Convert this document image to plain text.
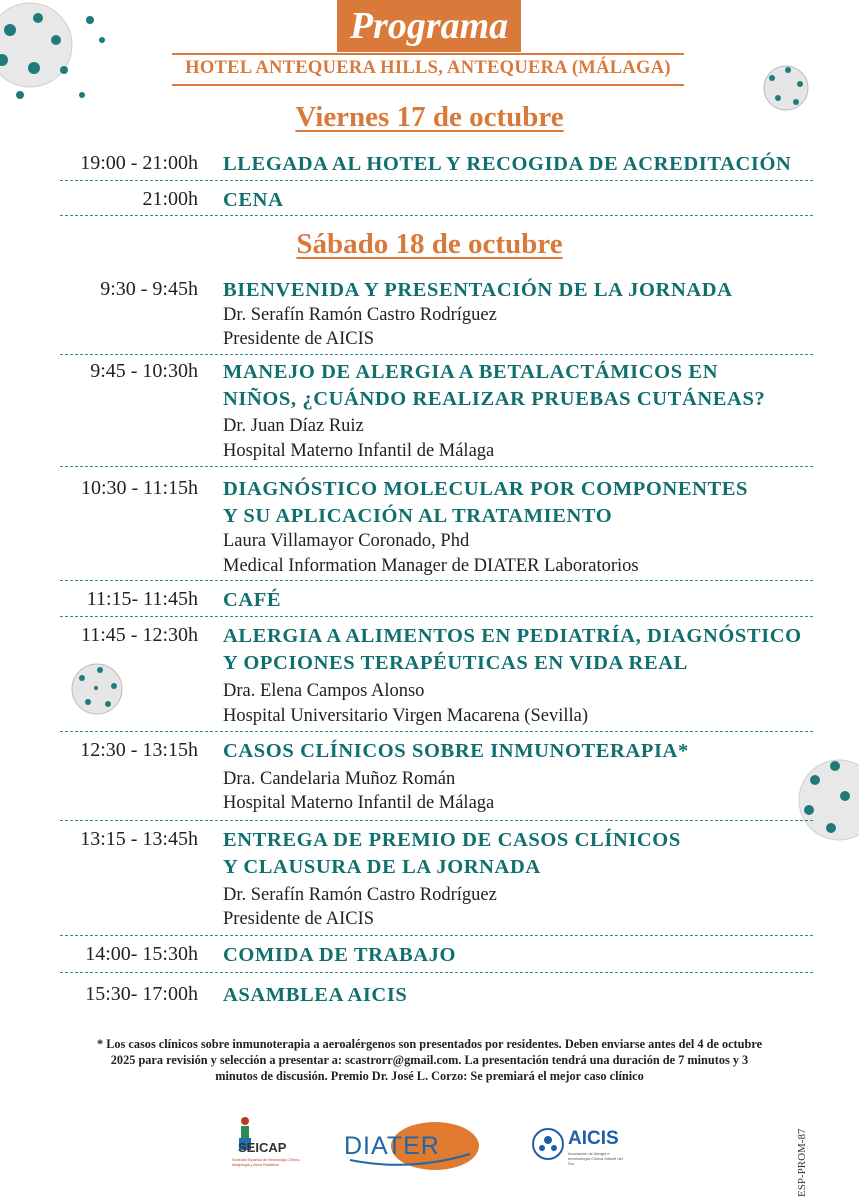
Programa
HOTEL ANTEQUERA HILLS, ANTEQUERA (MÁLAGA)
Viernes 17 de octubre
19:00 - 21:00h LLEGADA AL HOTEL Y RECOGIDA DE ACREDITACIÓN
21:00h CENA
Sábado 18 de octubre
9:30 - 9:45h BIENVENIDA Y PRESENTACIÓN DE LA JORNADA
Dr. Serafín Ramón Castro Rodríguez
Presidente de AICIS
9:45 - 10:30h MANEJO DE ALERGIA A BETALACTÁMICOS EN
NIÑOS, ¿CUÁNDO REALIZAR PRUEBAS CUTÁNEAS?
Dr. Juan Díaz Ruiz
Hospital Materno Infantil de Málaga
10:30 - 11:15h DIAGNÓSTICO MOLECULAR POR COMPONENTES
Y SU APLICACIÓN AL TRATAMIENTO
Laura Villamayor Coronado, Phd
Medical Information Manager de DIATER Laboratorios
11:15- 11:45h CAFÉ
11:45 - 12:30h ALERGIA A ALIMENTOS EN PEDIATRÍA, DIAGNÓSTICO
Y OPCIONES TERAPÉUTICAS EN VIDA REAL
Dra. Elena Campos Alonso
Hospital Universitario Virgen Macarena (Sevilla)
12:30 - 13:15h CASOS CLÍNICOS SOBRE INMUNOTERAPIA*
Dra. Candelaria Muñoz Román
Hospital Materno Infantil de Málaga
13:15 - 13:45h ENTREGA DE PREMIO DE CASOS CLÍNICOS
Y CLAUSURA DE LA JORNADA
Dr. Serafín Ramón Castro Rodríguez
Presidente de AICIS
14:00- 15:30h COMIDA DE TRABAJO
15:30- 17:00h ASAMBLEA AICIS
* Los casos clínicos sobre inmunoterapia a aeroalérgenos son presentados por residentes. Deben enviarse antes del 4 de octubre
2025 para revisión y selección a presentar a: scastrorr@gmail.com. La presentación tendrá una duración de 7 minutos y 3
minutos de discusión. Premio Dr. José L. Corzo: Se premiará el mejor caso clínico
SEICAP
Sociedad Española de Inmunología Clínica, Alergología y Asma Pediátrica
DIATER	AICIS
Asociación de Alergia e Inmunología Clínica Infantil del Sur	ESP-PROM-87
